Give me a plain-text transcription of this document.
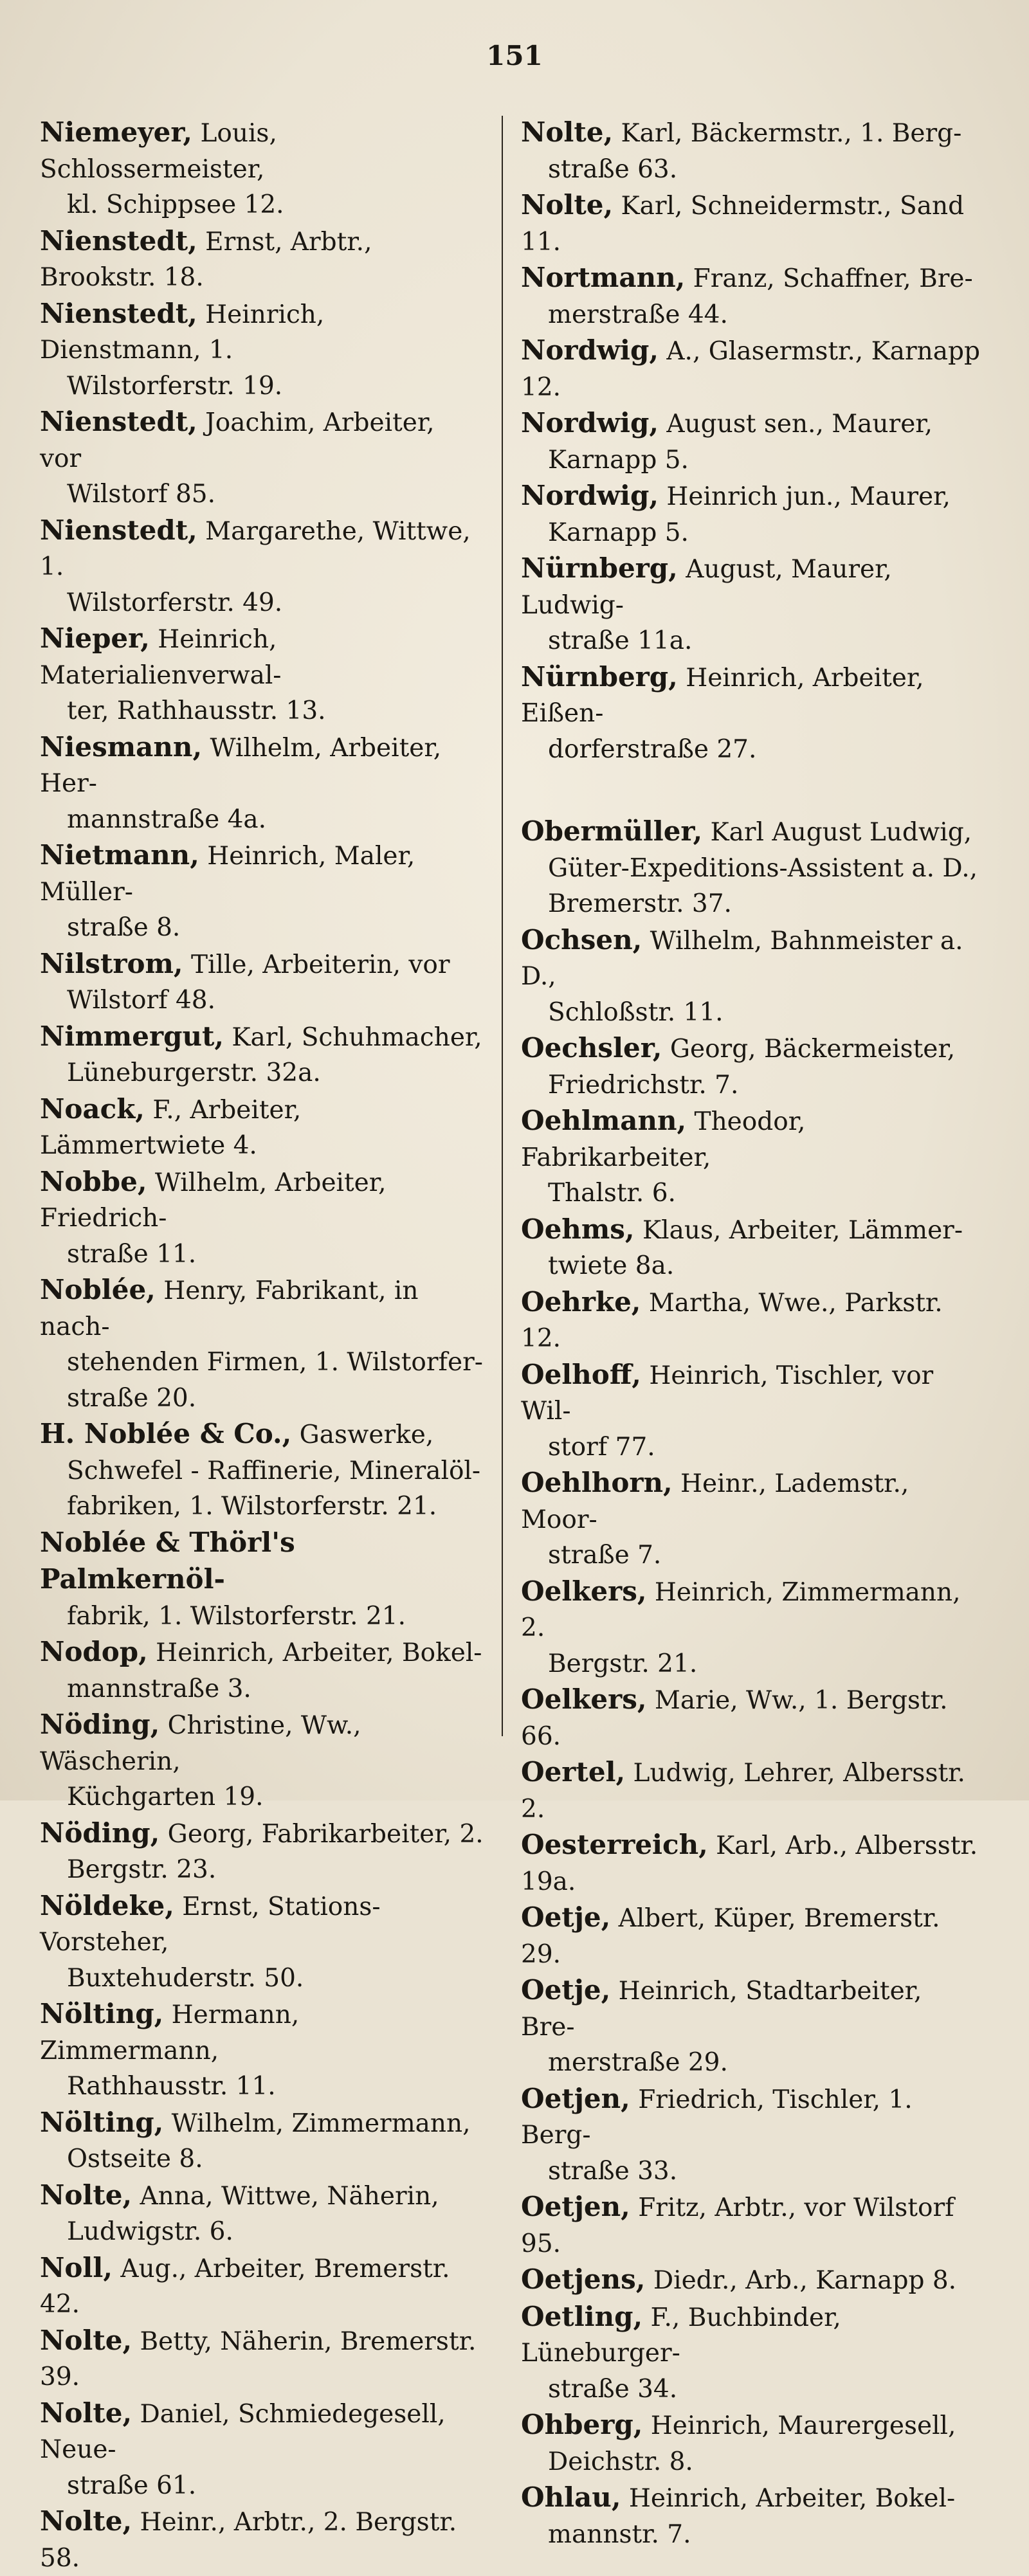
151
Niemeyer, Louis, Schlossermeister,
kl. Schippsee 12.
Nienstedt, Ernst, Arbtr., Brookstr. 18.
Nienstedt, Heinrich, Dienstmann, 1.
Wilstorferstr. 19.
Nienstedt, Joachim, Arbeiter, vor
Wilstorf 85.
Nienstedt, Margarethe, Wittwe, 1.
Wilstorferstr. 49.
Nieper, Heinrich, Materialienverwal-
ter, Rathhausstr. 13.
Niesmann, Wilhelm, Arbeiter, Her-
mannstraße 4a.
Nietmann, Heinrich, Maler, Müller-
straße 8.
Nilstrom, Tille, Arbeiterin, vor
Wilstorf 48.
Nimmergut, Karl, Schuhmacher,
Lüneburgerstr. 32a.
Noack, F., Arbeiter, Lämmertwiete 4.
Nobbe, Wilhelm, Arbeiter, Friedrich-
straße 11.
Noblée, Henry, Fabrikant, in nach-
stehenden Firmen, 1. Wilstorfer-
straße 20.
H. Noblée & Co., Gaswerke,
Schwefel - Raffinerie, Mineralöl-
fabriken, 1. Wilstorferstr. 21.
Noblée & Thörl's Palmkernöl-
fabrik, 1. Wilstorferstr. 21.
Nodop, Heinrich, Arbeiter, Bokel-
mannstraße 3.
Nöding, Christine, Ww., Wäscherin,
Küchgarten 19.
Nöding, Georg, Fabrikarbeiter, 2.
Bergstr. 23.
Nöldeke, Ernst, Stations-Vorsteher,
Buxtehuderstr. 50.
Nölting, Hermann, Zimmermann,
Rathhausstr. 11.
Nölting, Wilhelm, Zimmermann,
Ostseite 8.
Nolte, Anna, Wittwe, Näherin,
Ludwigstr. 6.
Noll, Aug., Arbeiter, Bremerstr. 42.
Nolte, Betty, Näherin, Bremerstr. 39.
Nolte, Daniel, Schmiedegesell, Neue-
straße 61.
Nolte, Heinr., Arbtr., 2. Bergstr. 58.
Nolte, Karl, Bäckermstr., 1. Berg-
straße 63.
Nolte, Karl, Schneidermstr., Sand 11.
Nortmann, Franz, Schaffner, Bre-
merstraße 44.
Nordwig, A., Glasermstr., Karnapp 12.
Nordwig, August sen., Maurer,
Karnapp 5.
Nordwig, Heinrich jun., Maurer,
Karnapp 5.
Nürnberg, August, Maurer, Ludwig-
straße 11a.
Nürnberg, Heinrich, Arbeiter, Eißen-
dorferstraße 27.
Obermüller, Karl August Ludwig,
Güter-Expeditions-Assistent a. D.,
Bremerstr. 37.
Ochsen, Wilhelm, Bahnmeister a. D.,
Schloßstr. 11.
Oechsler, Georg, Bäckermeister,
Friedrichstr. 7.
Oehlmann, Theodor, Fabrikarbeiter,
Thalstr. 6.
Oehms, Klaus, Arbeiter, Lämmer-
twiete 8a.
Oehrke, Martha, Wwe., Parkstr. 12.
Oelhoff, Heinrich, Tischler, vor Wil-
storf 77.
Oehlhorn, Heinr., Lademstr., Moor-
straße 7.
Oelkers, Heinrich, Zimmermann, 2.
Bergstr. 21.
Oelkers, Marie, Ww., 1. Bergstr. 66.
Oertel, Ludwig, Lehrer, Albersstr. 2.
Oesterreich, Karl, Arb., Albersstr. 19a.
Oetje, Albert, Küper, Bremerstr. 29.
Oetje, Heinrich, Stadtarbeiter, Bre-
merstraße 29.
Oetjen, Friedrich, Tischler, 1. Berg-
straße 33.
Oetjen, Fritz, Arbtr., vor Wilstorf 95.
Oetjens, Diedr., Arb., Karnapp 8.
Oetling, F., Buchbinder, Lüneburger-
straße 34.
Ohberg, Heinrich, Maurergesell,
Deichstr. 8.
Ohlau, Heinrich, Arbeiter, Bokel-
mannstr. 7.
